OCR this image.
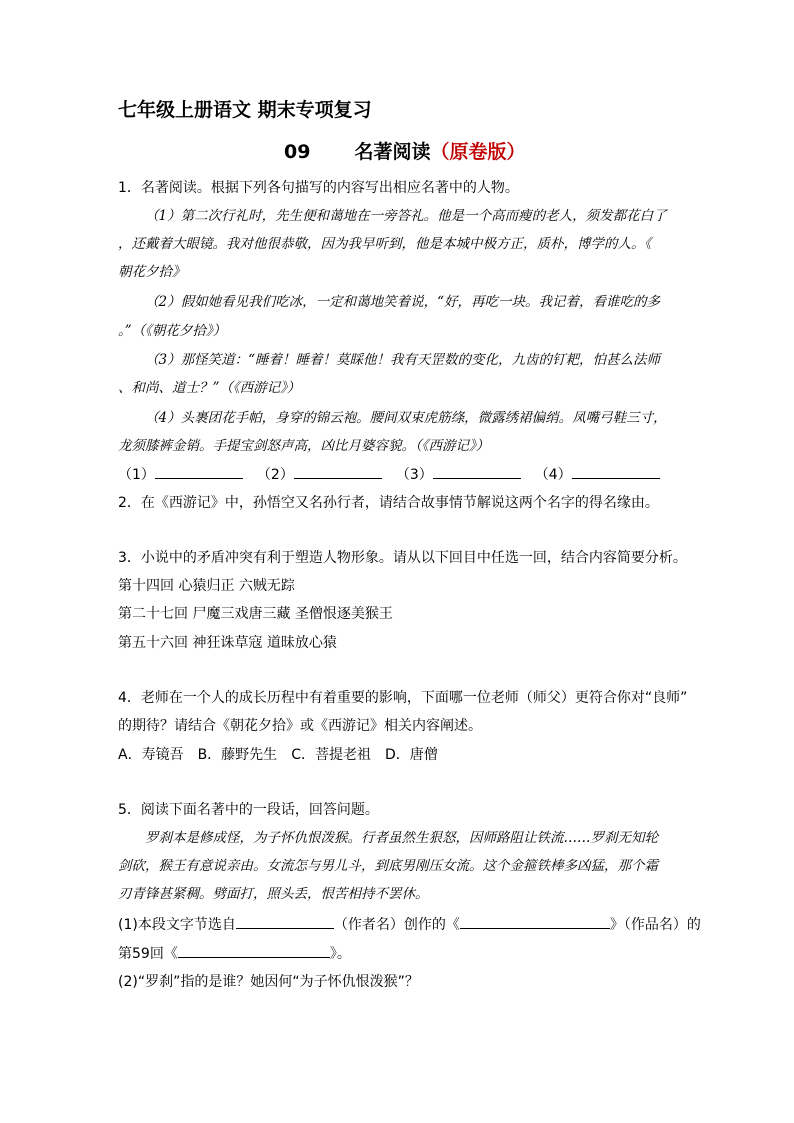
七年级上册语文 期末专项复习
09 名著阅读（原卷版）
1．名著阅读。根据下列各句描写的内容写出相应名著中的人物。
（1）第二次行礼时，先生便和蔼地在一旁答礼。他是一个高而瘦的老人，须发都花白了
，还戴着大眼镜。我对他很恭敬，因为我早听到，他是本城中极方正，质朴，博学的人。《
朝花夕拾》
（2）假如她看见我们吃冰，一定和蔼地笑着说，“好，再吃一块。我记着，看谁吃的多
。”（《朝花夕拾》）
（3）那怪笑道：“睡着！睡着！莫睬他！我有天罡数的变化，九齿的钉耙，怕甚么法师
、和尚、道士？”（《西游记》）
（4）头裹团花手帕，身穿的锦云袍。腰间双束虎筋绦，微露绣裙偏绡。凤嘴弓鞋三寸，
龙须膝裤金销。手提宝剑怒声高，凶比月婆容貌。（《西游记》）
（1）	（2）	（3）	（4）
2．在《西游记》中，孙悟空又名孙行者，请结合故事情节解说这两个名字的得名缘由。
3．小说中的矛盾冲突有利于塑造人物形象。请从以下回目中任选一回，结合内容简要分析。
第十四回 心猿归正 六贼无踪
第二十七回 尸魔三戏唐三藏 圣僧恨逐美猴王
第五十六回 神狂诛草寇 道昧放心猿
4．老师在一个人的成长历程中有着重要的影响，下面哪一位老师（师父）更符合你对“良师”
的期待？请结合《朝花夕拾》或《西游记》相关内容阐述。
A．寿镜吾 B．藤野先生 C．菩提老祖 D．唐僧
5．阅读下面名著中的一段话，回答问题。
罗刹本是修成怪，为子怀仇恨泼猴。行者虽然生狠怒，因师路阻让铁流……罗刹无知轮
剑砍，猴王有意说亲由。女流怎与男儿斗，到底男刚压女流。这个金箍铁棒多凶猛，那个霜
刃青锋甚紧稠。劈面打，照头丢，恨苦相持不罢休。
(1)本段文字节选自	（作者名）创作的《	》（作品名）的
第59回《	》。
(2)“罗刹”指的是谁？她因何“为子怀仇恨泼猴”？
